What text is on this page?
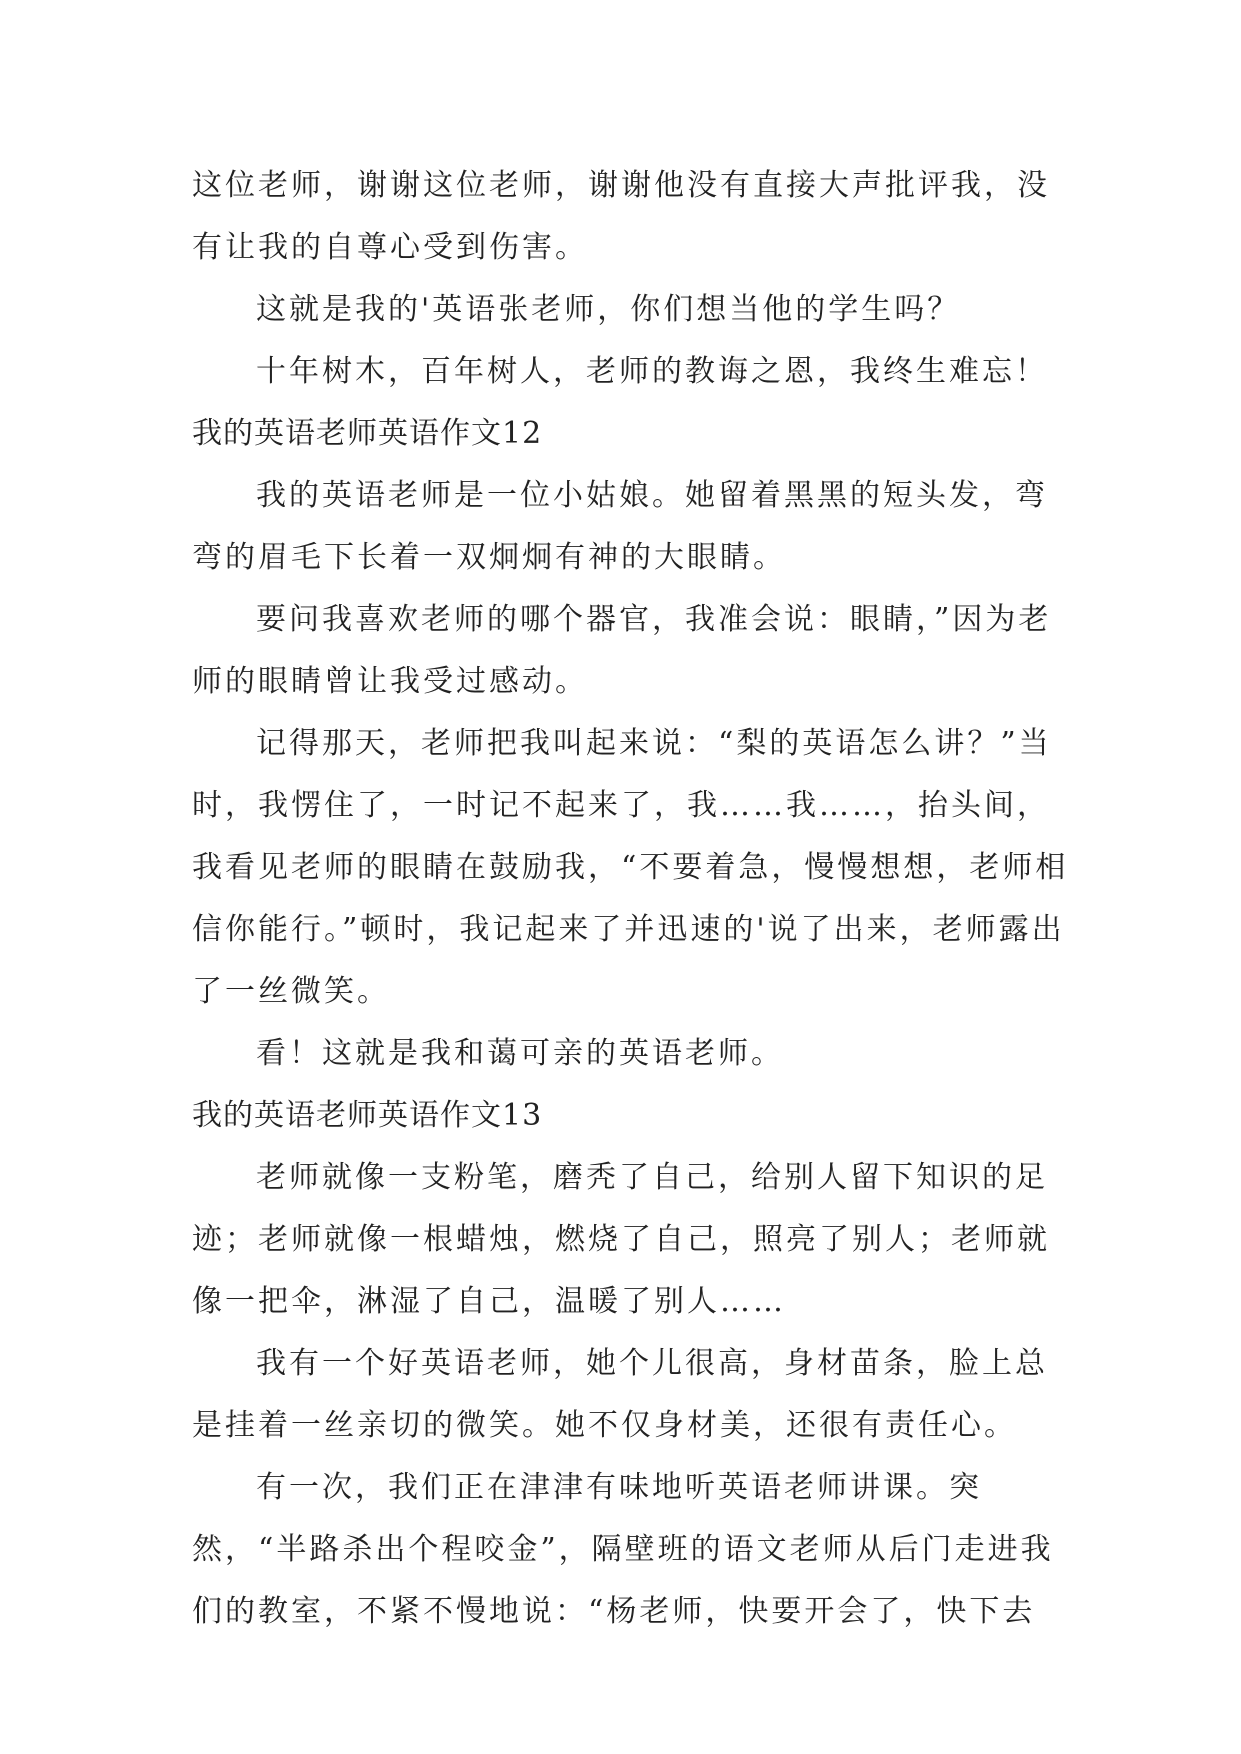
这位老师，谢谢这位老师，谢谢他没有直接大声批评我，没有让我的自尊心受到伤害。

这就是我的'英语张老师，你们想当他的学生吗？

十年树木，百年树人，老师的教诲之恩，我终生难忘！

我的英语老师英语作文12

我的英语老师是一位小姑娘。她留着黑黑的短头发，弯弯的眉毛下长着一双炯炯有神的大眼睛。

要问我喜欢老师的哪个器官，我准会说：眼睛，”因为老师的眼睛曾让我受过感动。

记得那天，老师把我叫起来说：“梨的英语怎么讲？”当时，我愣住了，一时记不起来了，我……我……，抬头间，我看见老师的眼睛在鼓励我，“不要着急，慢慢想想，老师相信你能行。”顿时，我记起来了并迅速的'说了出来，老师露出了一丝微笑。

看！这就是我和蔼可亲的英语老师。

我的英语老师英语作文13

老师就像一支粉笔，磨秃了自己，给别人留下知识的足迹；老师就像一根蜡烛，燃烧了自己，照亮了别人；老师就像一把伞，淋湿了自己，温暖了别人……

我有一个好英语老师，她个儿很高，身材苗条，脸上总是挂着一丝亲切的微笑。她不仅身材美，还很有责任心。

有一次，我们正在津津有味地听英语老师讲课。突然，“半路杀出个程咬金”，隔壁班的语文老师从后门走进我们的教室，不紧不慢地说：“杨老师，快要开会了，快下去
